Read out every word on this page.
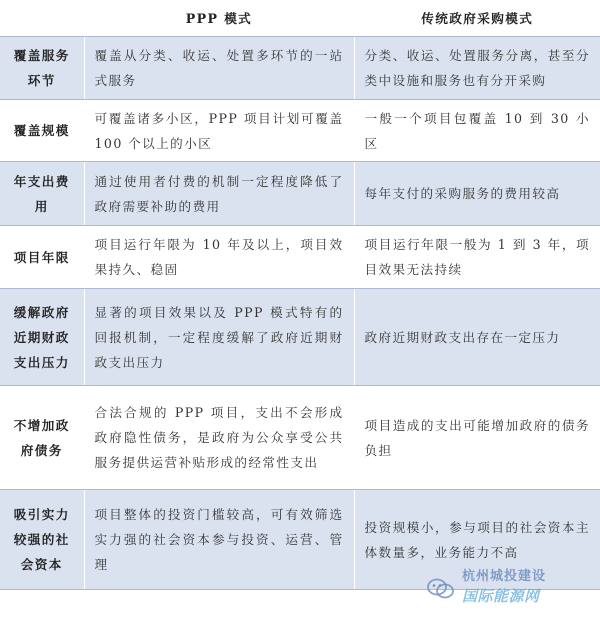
	PPP 模式	传统政府采购模式
覆盖服务环节	覆盖从分类、收运、处置多环节的一站式服务	分类、收运、处置服务分离，甚至分类中设施和服务也有分开采购
覆盖规模	可覆盖诸多小区，PPP 项目计划可覆盖 100 个以上的小区	一般一个项目包覆盖 10 到 30 小区
年支出费用	通过使用者付费的机制一定程度降低了政府需要补助的费用	每年支付的采购服务的费用较高
项目年限	项目运行年限为 10 年及以上，项目效果持久、稳固	项目运行年限一般为 1 到 3 年，项目效果无法持续
缓解政府近期财政支出压力	显著的项目效果以及 PPP 模式特有的回报机制，一定程度缓解了政府近期财政支出压力	政府近期财政支出存在一定压力
不增加政府债务	合法合规的 PPP 项目，支出不会形成政府隐性债务，是政府为公众享受公共服务提供运营补贴形成的经常性支出	项目造成的支出可能增加政府的债务负担
吸引实力较强的社会资本	项目整体的投资门槛较高，可有效筛选实力强的社会资本参与投资、运营、管理	投资规模小，参与项目的社会资本主体数量多，业务能力不高
杭州城投建设
国际能源网
